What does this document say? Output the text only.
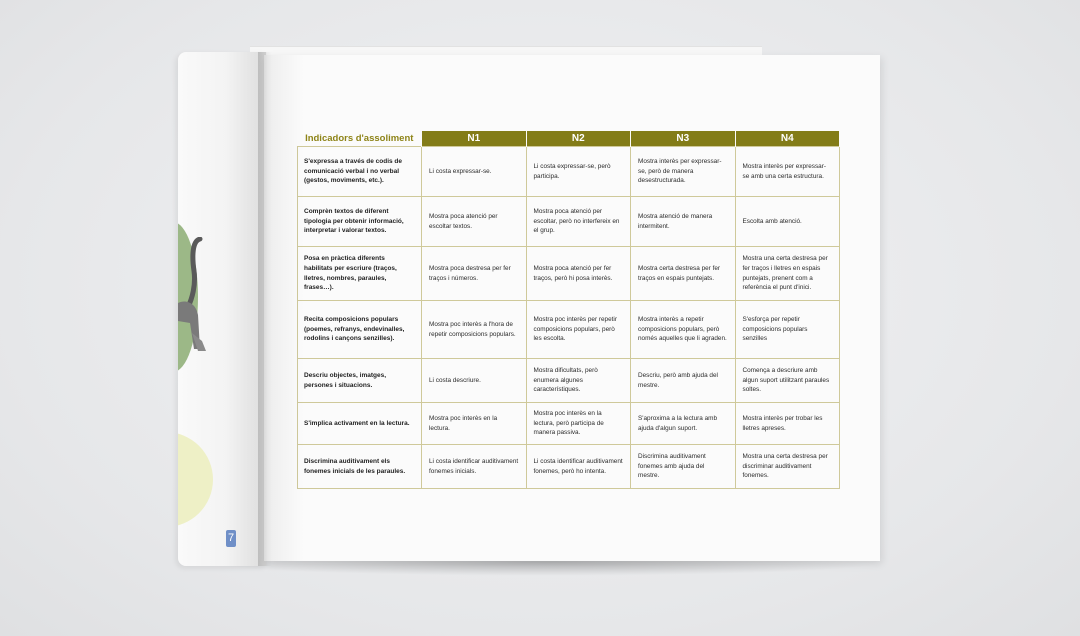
7
Indicadors d'assoliment	N1	N2	N3	N4
S'expressa a través de codis de comunicació verbal i no verbal (gestos, moviments, etc.).	Li costa expressar-se.	Li costa expressar-se, però participa.	Mostra interès per expressar-se, però de manera desestructurada.	Mostra interès per expressar-se amb una certa estructura.
Comprèn textos de diferent tipologia per obtenir informació, interpretar i valorar textos.	Mostra poca atenció per escoltar textos.	Mostra poca atenció per escoltar, però no interfereix en el grup.	Mostra atenció de manera intermitent.	Escolta amb atenció.
Posa en pràctica diferents habilitats per escriure (traços, lletres, nombres, paraules, frases…).	Mostra poca destresa per fer traços i números.	Mostra poca atenció per fer traços, però hi posa interès.	Mostra certa destresa per fer traços en espais puntejats.	Mostra una certa destresa per fer traços i lletres en espais puntejats, prenent com a referència el punt d'inici.
Recita composicions populars (poemes, refranys, endevinalles, rodolins i cançons senzilles).	Mostra poc interès a l'hora de repetir composicions populars.	Mostra poc interès per repetir composicions populars, però les escolta.	Mostra interès a repetir composicions populars, però només aquelles que li agraden.	S'esforça per repetir composicions populars senzilles
Descriu objectes, imatges, persones i situacions.	Li costa descriure.	Mostra dificultats, però enumera algunes característiques.	Descriu, però amb ajuda del mestre.	Comença a descriure amb algun suport utilitzant paraules soltes.
S'implica activament en la lectura.	Mostra poc interès en la lectura.	Mostra poc interès en la lectura, però participa de manera passiva.	S'aproxima a la lectura amb ajuda d'algun suport.	Mostra interès per trobar les lletres apreses.
Discrimina auditivament els fonemes inicials de les paraules.	Li costa identificar auditivament fonemes inicials.	Li costa identificar auditivament fonemes, però ho intenta.	Discrimina auditivament fonemes amb ajuda del mestre.	Mostra una certa destresa per discriminar auditivament fonemes.
